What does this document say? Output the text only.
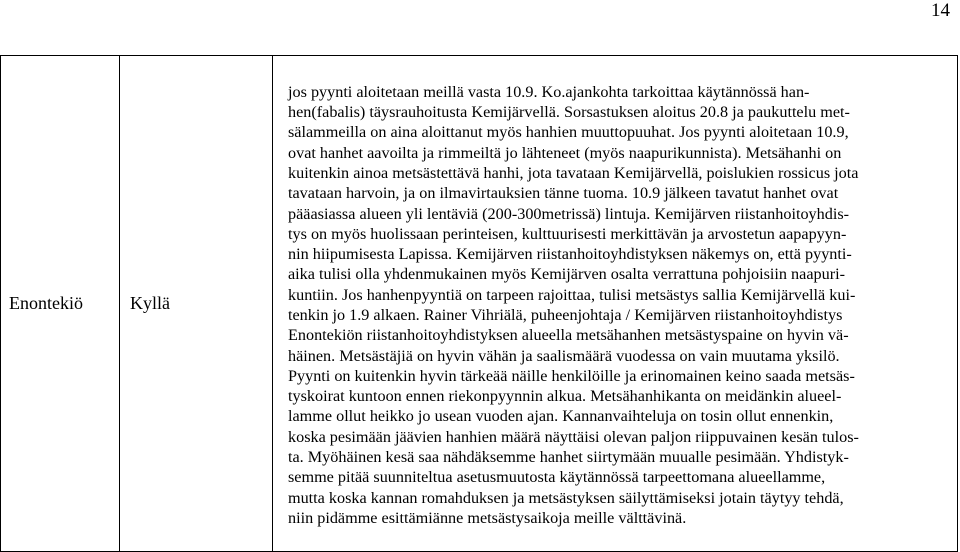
14
Enontekiö	Kyllä	
jos pyynti aloitetaan meillä vasta 10.9. Ko.ajankohta tarkoittaa käytännössä han-
hen(fabalis) täysrauhoitusta Kemijärvellä. Sorsastuksen aloitus 20.8 ja paukuttelu met-
sälammeilla on aina aloittanut myös hanhien muuttopuuhat. Jos pyynti aloitetaan 10.9,
ovat hanhet aavoilta ja rimmeiltä jo lähteneet (myös naapurikunnista). Metsähanhi on
kuitenkin ainoa metsästettävä hanhi, jota tavataan Kemijärvellä, poislukien rossicus jota
tavataan harvoin, ja on ilmavirtauksien tänne tuoma. 10.9 jälkeen tavatut hanhet ovat
pääasiassa alueen yli lentäviä (200-300metrissä) lintuja. Kemijärven riistanhoitoyhdis-
tys on myös huolissaan perinteisen, kulttuurisesti merkittävän ja arvostetun aapapyyn-
nin hiipumisesta Lapissa. Kemijärven riistanhoitoyhdistyksen näkemys on, että pyynti-
aika tulisi olla yhdenmukainen myös Kemijärven osalta verrattuna pohjoisiin naapuri-
kuntiin. Jos hanhenpyyntiä on tarpeen rajoittaa, tulisi metsästys sallia Kemijärvellä kui-
tenkin jo 1.9 alkaen. Rainer Vihriälä, puheenjohtaja / Kemijärven riistanhoitoyhdistys
Enontekiön riistanhoitoyhdistyksen alueella metsähanhen metsästyspaine on hyvin vä-
häinen. Metsästäjiä on hyvin vähän ja saalismäärä vuodessa on vain muutama yksilö.
Pyynti on kuitenkin hyvin tärkeää näille henkilöille ja erinomainen keino saada metsäs-
tyskoirat kuntoon ennen riekonpyynnin alkua. Metsähanhikanta on meidänkin alueel-
lamme ollut heikko jo usean vuoden ajan. Kannanvaihteluja on tosin ollut ennenkin,
koska pesimään jäävien hanhien määrä näyttäisi olevan paljon riippuvainen kesän tulos-
ta. Myöhäinen kesä saa nähdäksemme hanhet siirtymään muualle pesimään. Yhdistyk-
semme pitää suunniteltua asetusmuutosta käytännössä tarpeettomana alueellamme,
mutta koska kannan romahduksen ja metsästyksen säilyttämiseksi jotain täytyy tehdä,
niin pidämme esittämiänne metsästysaikoja meille välttävinä.
